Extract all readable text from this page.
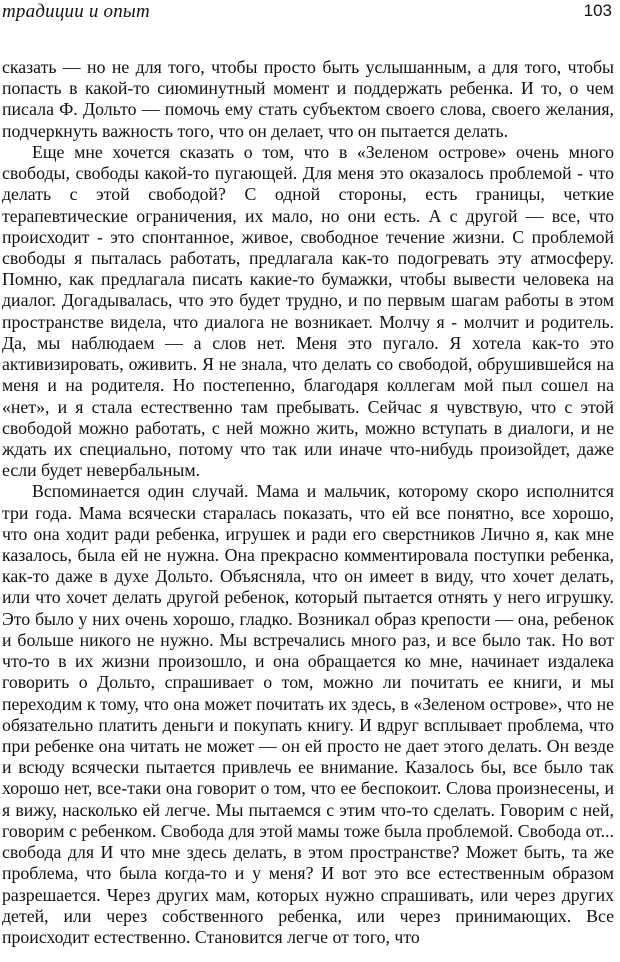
традиции и опыт	103

сказать — но не для того, чтобы просто быть услышанным, а для того, чтобы попасть в какой-то сиюминутный момент и поддержать ребенка. И то, о чем писала Ф. Дольто — помочь ему стать субъектом своего слова, своего желания, подчеркнуть важность того, что он делает, что он пытается делать.

Еще мне хочется сказать о том, что в «Зеленом острове» очень много свободы, свободы какой-то пугающей. Для меня это оказалось проблемой - что делать с этой свободой? С одной стороны, есть границы, четкие терапевтические ограничения, их мало, но они есть. А с другой — все, что происходит - это спонтанное, живое, свободное течение жизни. С проблемой свободы я пыталась работать, предлагала как-то подогревать эту атмосферу. Помню, как предлагала писать какие-то бумажки, чтобы вывести человека на диалог. Догадывалась, что это будет трудно, и по первым шагам работы в этом пространстве видела, что диалога не возникает. Молчу я - молчит и родитель. Да, мы наблюдаем — а слов нет. Меня это пугало. Я хотела как-то это активизировать, оживить. Я не знала, что делать со свободой, обрушившейся на меня и на родителя. Но постепенно, благодаря коллегам мой пыл сошел на «нет», и я стала естественно там пребывать. Сейчас я чувствую, что с этой свободой можно работать, с ней можно жить, можно вступать в диалоги, и не ждать их специально, потому что так или иначе что-нибудь произойдет, даже если будет невербальным.

Вспоминается один случай. Мама и мальчик, которому скоро исполнится три года. Мама всячески старалась показать, что ей все понятно, все хорошо, что она ходит ради ребенка, игрушек и ради его сверстников Лично я, как мне казалось, была ей не нужна. Она прекрасно комментировала поступки ребенка, как-то даже в духе Дольто. Объясняла, что он имеет в виду, что хочет делать, или что хочет делать другой ребенок, который пытается отнять у него игрушку. Это было у них очень хорошо, гладко. Возникал образ крепости — она, ребенок и больше никого не нужно. Мы встречались много раз, и все было так. Но вот что-то в их жизни произошло, и она обращается ко мне, начинает издалека говорить о Дольто, спрашивает о том, можно ли почитать ее книги, и мы переходим к тому, что она может почитать их здесь, в «Зеленом острове», что не обязательно платить деньги и покупать книгу. И вдруг всплывает проблема, что при ребенке она читать не может — он ей просто не дает этого делать. Он везде и всюду всячески пытается привлечь ее внимание. Казалось бы, все было так хорошо нет, все-таки она говорит о том, что ее беспокоит. Слова произнесены, и я вижу, насколько ей легче. Мы пытаемся с этим что-то сделать. Говорим с ней, говорим с ребенком. Свобода для этой мамы тоже была проблемой. Свобода от... свобода для И что мне здесь делать, в этом пространстве? Может быть, та же проблема, что была когда-то и у меня? И вот это все естественным образом разрешается. Через других мам, которых нужно спрашивать, или через других детей, или через собственного ребенка, или через принимающих. Все происходит естественно. Становится легче от того, что
